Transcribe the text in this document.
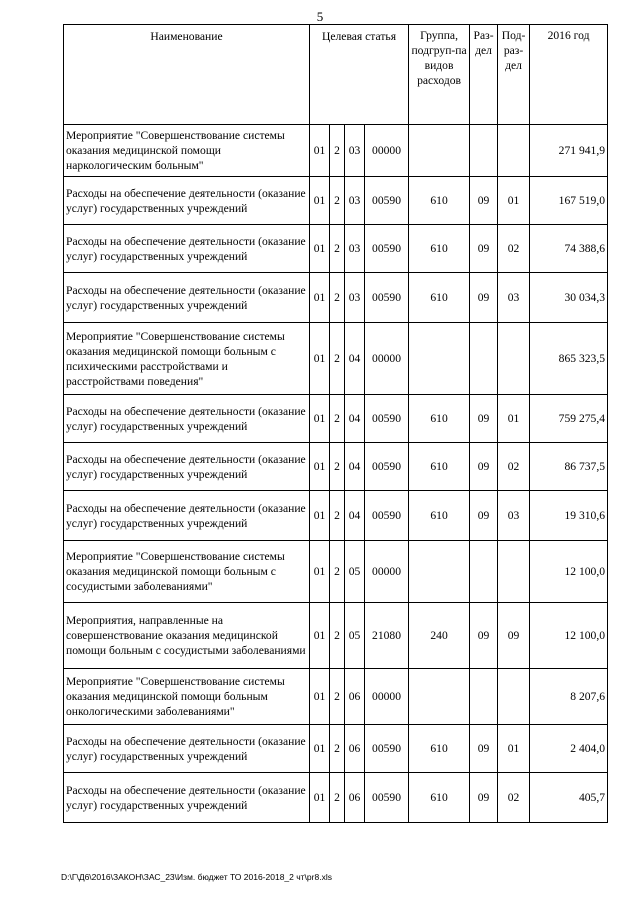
5
Наименование	Целевая статья				Группа, подгруп-па видов расходов	Раз-дел	Под-раз-дел	2016 год
Мероприятие "Совершенствование системы оказания медицинской помощи наркологическим больным"	01	2	03	00000				271 941,9
Расходы на обеспечение деятельности (оказание услуг) государственных учреждений	01	2	03	00590	610	09	01	167 519,0
Расходы на обеспечение деятельности (оказание услуг) государственных учреждений	01	2	03	00590	610	09	02	74 388,6
Расходы на обеспечение деятельности (оказание услуг) государственных учреждений	01	2	03	00590	610	09	03	30 034,3
Мероприятие "Совершенствование системы оказания медицинской помощи больным с психическими расстройствами и расстройствами поведения"	01	2	04	00000				865 323,5
Расходы на обеспечение деятельности (оказание услуг) государственных учреждений	01	2	04	00590	610	09	01	759 275,4
Расходы на обеспечение деятельности (оказание услуг) государственных учреждений	01	2	04	00590	610	09	02	86 737,5
Расходы на обеспечение деятельности (оказание услуг) государственных учреждений	01	2	04	00590	610	09	03	19 310,6
Мероприятие "Совершенствование системы оказания медицинской помощи больным с сосудистыми заболеваниями"	01	2	05	00000				12 100,0
Мероприятия, направленные на совершенствование оказания медицинской помощи больным с сосудистыми заболеваниями	01	2	05	21080	240	09	09	12 100,0
Мероприятие "Совершенствование системы оказания медицинской помощи больным онкологическими заболеваниями"	01	2	06	00000				8 207,6
Расходы на обеспечение деятельности (оказание услуг) государственных учреждений	01	2	06	00590	610	09	01	2 404,0
Расходы на обеспечение деятельности (оказание услуг) государственных учреждений	01	2	06	00590	610	09	02	405,7
D:\Г\Д6\2016\ЗАКОН\ЗАС_23\Изм. бюджет ТО 2016-2018_2 чт\pr8.xls
